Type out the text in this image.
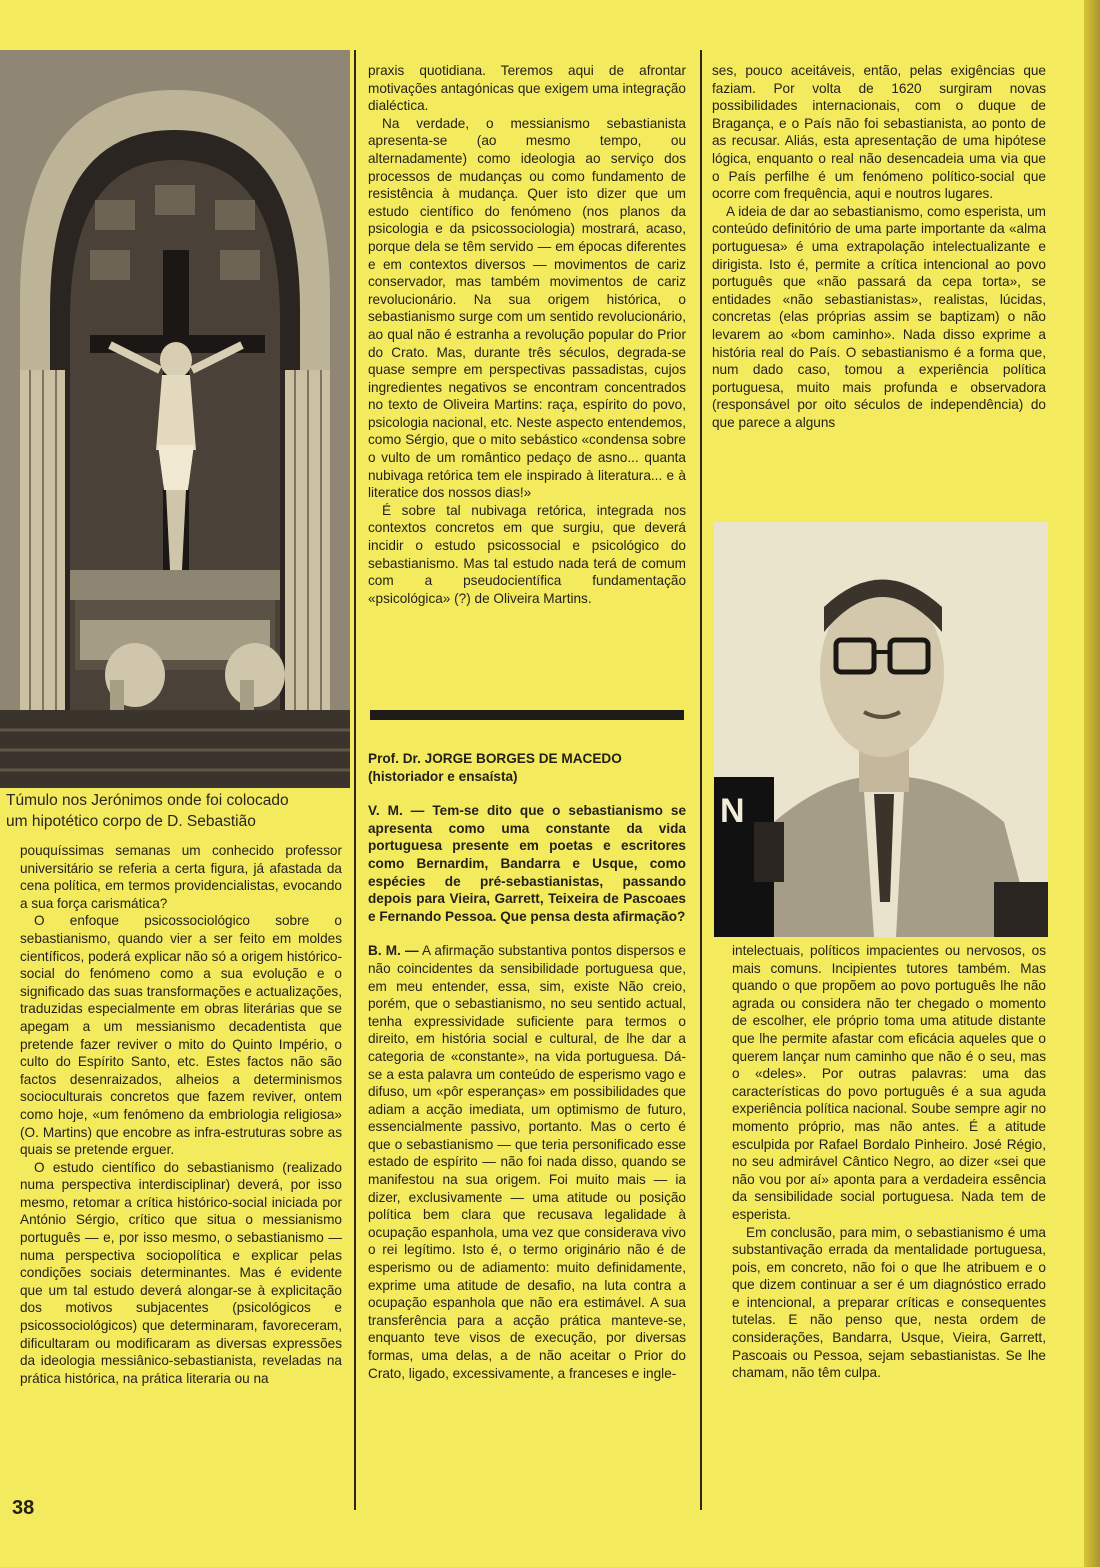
Túmulo nos Jerónimos onde foi colocado
um hipotético corpo de D. Sebastião

pouquíssimas semanas um conhecido professor universitário se referia a certa figura, já afastada da cena política, em termos providencialistas, evocando a sua força carismática?

O enfoque psicossociológico sobre o sebastianismo, quando vier a ser feito em moldes científicos, poderá explicar não só a origem histórico-social do fenómeno como a sua evolução e o significado das suas transformações e actualizações, traduzidas especialmente em obras literárias que se apegam a um messianismo decadentista que pretende fazer reviver o mito do Quinto Império, o culto do Espírito Santo, etc. Estes factos não são factos desenraizados, alheios a determinismos socioculturais concretos que fazem reviver, ontem como hoje, «um fenómeno da embriologia religiosa» (O. Martins) que encobre as infra-estruturas sobre as quais se pretende erguer.

O estudo científico do sebastianismo (realizado numa perspectiva interdisciplinar) deverá, por isso mesmo, retomar a crítica histórico-social iniciada por António Sérgio, crítico que situa o messianismo português — e, por isso mesmo, o sebastianismo — numa perspectiva sociopolítica e explicar pelas condições sociais determinantes. Mas é evidente que um tal estudo deverá alongar-se à explicitação dos motivos subjacentes (psicológicos e psicossociológicos) que determinaram, favoreceram, dificultaram ou modificaram as diversas expressões da ideologia messiânico-sebastianista, reveladas na prática histórica, na prática literaria ou na

praxis quotidiana. Teremos aqui de afrontar motivações antagónicas que exigem uma integração dialéctica.

Na verdade, o messianismo sebastianista apresenta-se (ao mesmo tempo, ou alternadamente) como ideologia ao serviço dos processos de mudanças ou como fundamento de resistência à mudança. Quer isto dizer que um estudo científico do fenómeno (nos planos da psicologia e da psicossociologia) mostrará, acaso, porque dela se têm servido — em épocas diferentes e em contextos diversos — movimentos de cariz conservador, mas também movimentos de cariz revolucionário. Na sua origem histórica, o sebastianismo surge com um sentido revolucionário, ao qual não é estranha a revolução popular do Prior do Crato. Mas, durante três séculos, degrada-se quase sempre em perspectivas passadistas, cujos ingredientes negativos se encontram concentrados no texto de Oliveira Martins: raça, espírito do povo, psicologia nacional, etc. Neste aspecto entendemos, como Sérgio, que o mito sebástico «condensa sobre o vulto de um romântico pedaço de asno... quanta nubivaga retórica tem ele inspirado à literatura... e à literatice dos nossos dias!»

É sobre tal nubivaga retórica, integrada nos contextos concretos em que surgiu, que deverá incidir o estudo psicossocial e psicológico do sebastianismo. Mas tal estudo nada terá de comum com a pseudocientífica fundamentação «psicológica» (?) de Oliveira Martins.

Prof. Dr. JORGE BORGES DE MACEDO
(historiador e ensaísta)

V. M. — Tem-se dito que o sebastianismo se apresenta como uma constante da vida portuguesa presente em poetas e escritores como Bernardim, Bandarra e Usque, como espécies de pré-sebastianistas, passando depois para Vieira, Garrett, Teixeira de Pascoaes e Fernando Pessoa. Que pensa desta afirmação?

B. M. — A afirmação substantiva pontos dispersos e não coincidentes da sensibilidade portuguesa que, em meu entender, essa, sim, existe Não creio, porém, que o sebastianismo, no seu sentido actual, tenha expressividade suficiente para termos o direito, em história social e cultural, de lhe dar a categoria de «constante», na vida portuguesa. Dá-se a esta palavra um conteúdo de esperismo vago e difuso, um «pôr esperanças» em possibilidades que adiam a acção imediata, um optimismo de futuro, essencialmente passivo, portanto. Mas o certo é que o sebastianismo — que teria personificado esse estado de espírito — não foi nada disso, quando se manifestou na sua origem. Foi muito mais — ia dizer, exclusivamente — uma atitude ou posição política bem clara que recusava legalidade à ocupação espanhola, uma vez que considerava vivo o rei legítimo. Isto é, o termo originário não é de esperismo ou de adiamento: muito definidamente, exprime uma atitude de desafio, na luta contra a ocupação espanhola que não era estimável. A sua transferência para a acção prática manteve-se, enquanto teve visos de execução, por diversas formas, uma delas, a de não aceitar o Prior do Crato, ligado, excessivamente, a franceses e ingle-

ses, pouco aceitáveis, então, pelas exigências que faziam. Por volta de 1620 surgiram novas possibilidades internacionais, com o duque de Bragança, e o País não foi sebastianista, ao ponto de as recusar. Aliás, esta apresentação de uma hipótese lógica, enquanto o real não desencadeia uma via que o País perfilhe é um fenómeno político-social que ocorre com frequência, aqui e noutros lugares.

A ideia de dar ao sebastianismo, como esperista, um conteúdo definitório de uma parte importante da «alma portuguesa» é uma extrapolação intelectualizante e dirigista. Isto é, permite a crítica intencional ao povo português que «não passará da cepa torta», se entidades «não sebastianistas», realistas, lúcidas, concretas (elas próprias assim se baptizam) o não levarem ao «bom caminho». Nada disso exprime a história real do País. O sebastianismo é a forma que, num dado caso, tomou a experiência política portuguesa, muito mais profunda e observadora (responsável por oito séculos de independência) do que parece a alguns

N

intelectuais, políticos impacientes ou nervosos, os mais comuns. Incipientes tutores também. Mas quando o que propõem ao povo português lhe não agrada ou considera não ter chegado o momento de escolher, ele próprio toma uma atitude distante que lhe permite afastar com eficácia aqueles que o querem lançar num caminho que não é o seu, mas o «deles». Por outras palavras: uma das características do povo português é a sua aguda experiência política nacional. Soube sempre agir no momento próprio, mas não antes. É a atitude esculpida por Rafael Bordalo Pinheiro. José Régio, no seu admirável Cântico Negro, ao dizer «sei que não vou por aí» aponta para a verdadeira essência da sensibilidade social portuguesa. Nada tem de esperista.

Em conclusão, para mim, o sebastianismo é uma substantivação errada da mentalidade portuguesa, pois, em concreto, não foi o que lhe atribuem e o que dizem continuar a ser é um diagnóstico errado e intencional, a preparar críticas e consequentes tutelas. E não penso que, nesta ordem de considerações, Bandarra, Usque, Vieira, Garrett, Pascoais ou Pessoa, sejam sebastianistas. Se lhe chamam, não têm culpa.

38
